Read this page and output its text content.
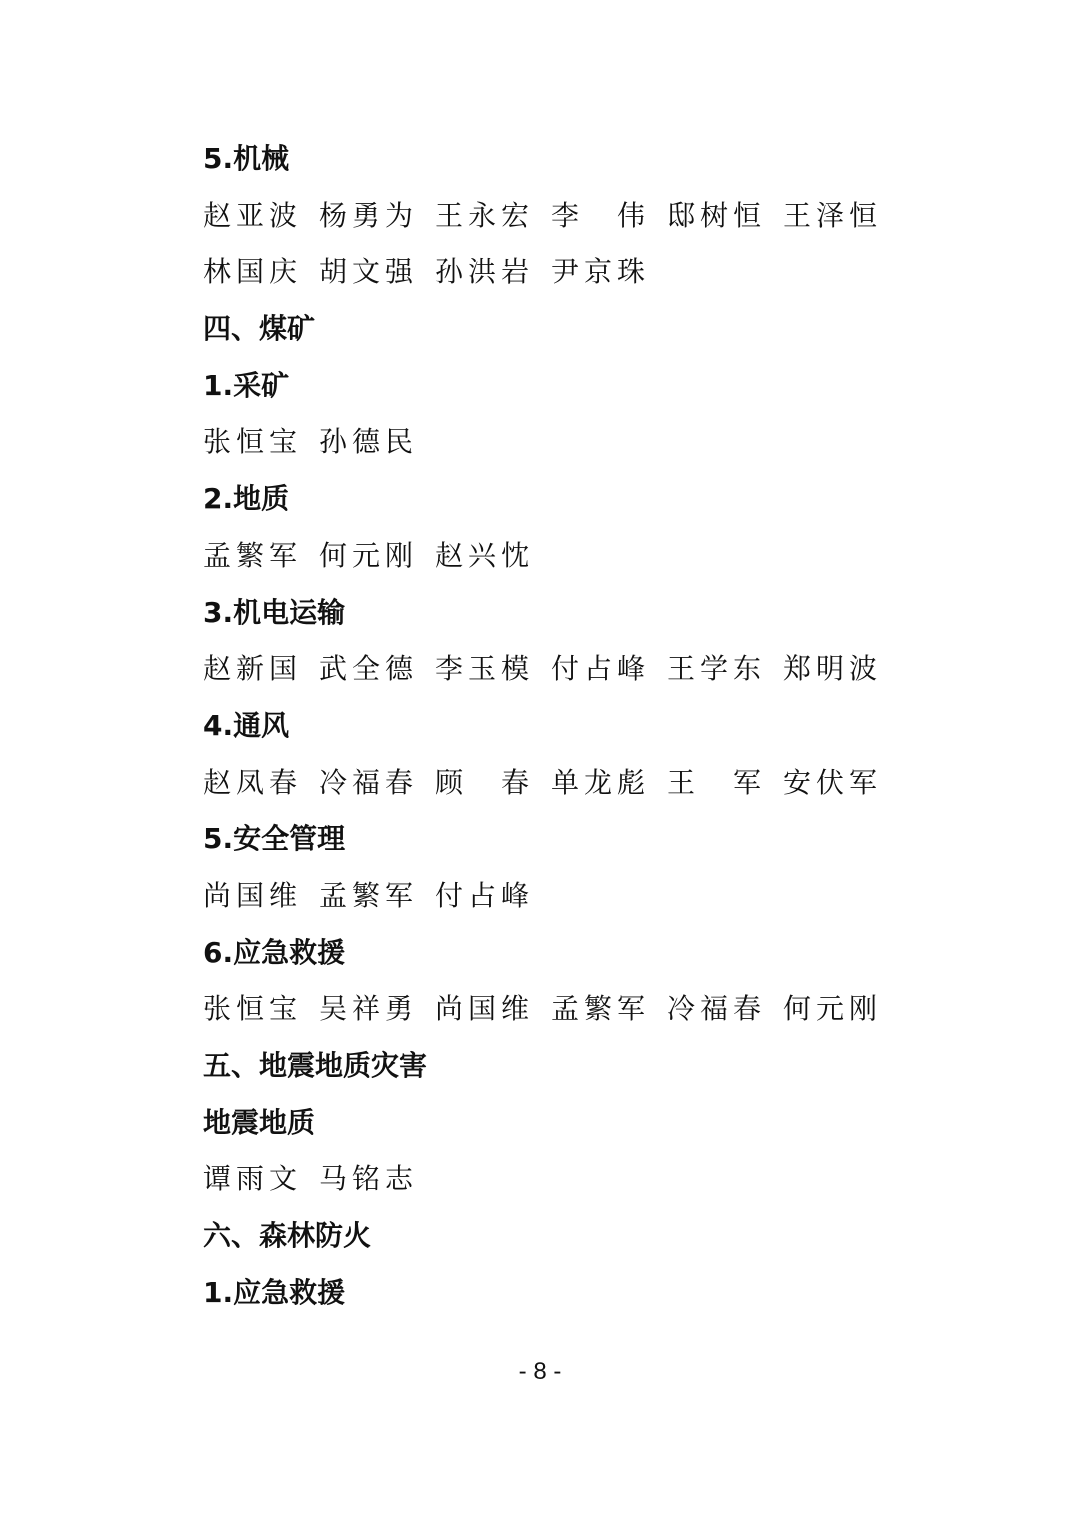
5.机械
赵亚波 杨勇为 王永宏 李　伟 邸树恒 王泽恒
林国庆 胡文强 孙洪岩 尹京珠
四、煤矿
1.采矿
张恒宝 孙德民
2.地质
孟繁军 何元刚 赵兴忱
3.机电运输
赵新国 武全德 李玉模 付占峰 王学东 郑明波
4.通风
赵凤春 冷福春 顾　春 单龙彪 王　军 安伏军
5.安全管理
尚国维 孟繁军 付占峰
6.应急救援
张恒宝 吴祥勇 尚国维 孟繁军 冷福春 何元刚
五、地震地质灾害
地震地质
谭雨文 马铭志
六、森林防火
1.应急救援
- 8 -
